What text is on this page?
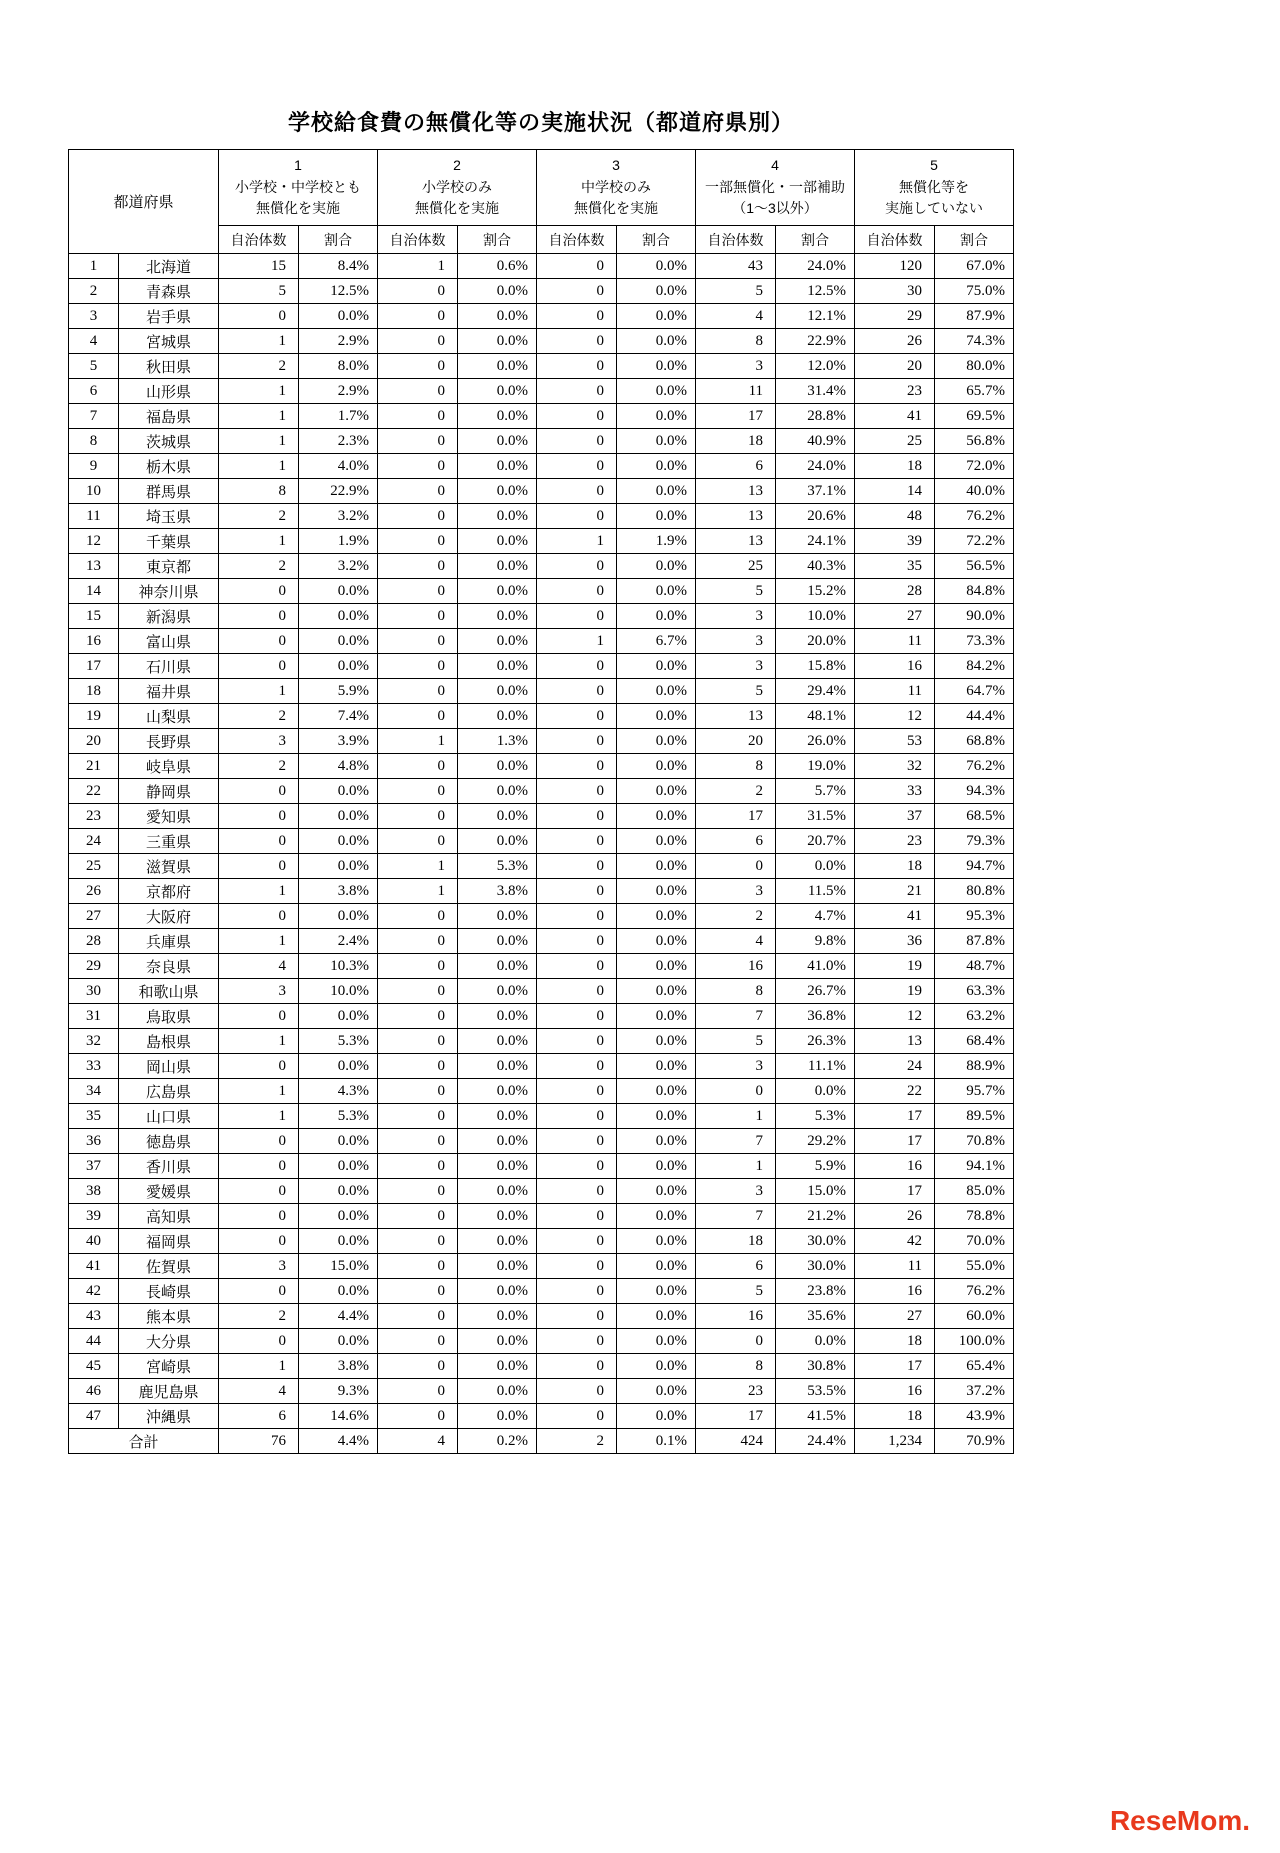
学校給食費の無償化等の実施状況（都道府県別）
都道府県	
1
小学校・中学校とも
無償化を実施

2
小学校のみ
無償化を実施

3
中学校のみ
無償化を実施

4
一部無償化・一部補助
（1～3以外）

5
無償化等を
実施していない

		自治体数	割合	自治体数	割合	自治体数	割合	自治体数	割合	自治体数	割合
1	北海道	15	8.4%	1	0.6%	0	0.0%	43	24.0%	120	67.0%
2	青森県	5	12.5%	0	0.0%	0	0.0%	5	12.5%	30	75.0%
3	岩手県	0	0.0%	0	0.0%	0	0.0%	4	12.1%	29	87.9%
4	宮城県	1	2.9%	0	0.0%	0	0.0%	8	22.9%	26	74.3%
5	秋田県	2	8.0%	0	0.0%	0	0.0%	3	12.0%	20	80.0%
6	山形県	1	2.9%	0	0.0%	0	0.0%	11	31.4%	23	65.7%
7	福島県	1	1.7%	0	0.0%	0	0.0%	17	28.8%	41	69.5%
8	茨城県	1	2.3%	0	0.0%	0	0.0%	18	40.9%	25	56.8%
9	栃木県	1	4.0%	0	0.0%	0	0.0%	6	24.0%	18	72.0%
10	群馬県	8	22.9%	0	0.0%	0	0.0%	13	37.1%	14	40.0%
11	埼玉県	2	3.2%	0	0.0%	0	0.0%	13	20.6%	48	76.2%
12	千葉県	1	1.9%	0	0.0%	1	1.9%	13	24.1%	39	72.2%
13	東京都	2	3.2%	0	0.0%	0	0.0%	25	40.3%	35	56.5%
14	神奈川県	0	0.0%	0	0.0%	0	0.0%	5	15.2%	28	84.8%
15	新潟県	0	0.0%	0	0.0%	0	0.0%	3	10.0%	27	90.0%
16	富山県	0	0.0%	0	0.0%	1	6.7%	3	20.0%	11	73.3%
17	石川県	0	0.0%	0	0.0%	0	0.0%	3	15.8%	16	84.2%
18	福井県	1	5.9%	0	0.0%	0	0.0%	5	29.4%	11	64.7%
19	山梨県	2	7.4%	0	0.0%	0	0.0%	13	48.1%	12	44.4%
20	長野県	3	3.9%	1	1.3%	0	0.0%	20	26.0%	53	68.8%
21	岐阜県	2	4.8%	0	0.0%	0	0.0%	8	19.0%	32	76.2%
22	静岡県	0	0.0%	0	0.0%	0	0.0%	2	5.7%	33	94.3%
23	愛知県	0	0.0%	0	0.0%	0	0.0%	17	31.5%	37	68.5%
24	三重県	0	0.0%	0	0.0%	0	0.0%	6	20.7%	23	79.3%
25	滋賀県	0	0.0%	1	5.3%	0	0.0%	0	0.0%	18	94.7%
26	京都府	1	3.8%	1	3.8%	0	0.0%	3	11.5%	21	80.8%
27	大阪府	0	0.0%	0	0.0%	0	0.0%	2	4.7%	41	95.3%
28	兵庫県	1	2.4%	0	0.0%	0	0.0%	4	9.8%	36	87.8%
29	奈良県	4	10.3%	0	0.0%	0	0.0%	16	41.0%	19	48.7%
30	和歌山県	3	10.0%	0	0.0%	0	0.0%	8	26.7%	19	63.3%
31	鳥取県	0	0.0%	0	0.0%	0	0.0%	7	36.8%	12	63.2%
32	島根県	1	5.3%	0	0.0%	0	0.0%	5	26.3%	13	68.4%
33	岡山県	0	0.0%	0	0.0%	0	0.0%	3	11.1%	24	88.9%
34	広島県	1	4.3%	0	0.0%	0	0.0%	0	0.0%	22	95.7%
35	山口県	1	5.3%	0	0.0%	0	0.0%	1	5.3%	17	89.5%
36	徳島県	0	0.0%	0	0.0%	0	0.0%	7	29.2%	17	70.8%
37	香川県	0	0.0%	0	0.0%	0	0.0%	1	5.9%	16	94.1%
38	愛媛県	0	0.0%	0	0.0%	0	0.0%	3	15.0%	17	85.0%
39	高知県	0	0.0%	0	0.0%	0	0.0%	7	21.2%	26	78.8%
40	福岡県	0	0.0%	0	0.0%	0	0.0%	18	30.0%	42	70.0%
41	佐賀県	3	15.0%	0	0.0%	0	0.0%	6	30.0%	11	55.0%
42	長崎県	0	0.0%	0	0.0%	0	0.0%	5	23.8%	16	76.2%
43	熊本県	2	4.4%	0	0.0%	0	0.0%	16	35.6%	27	60.0%
44	大分県	0	0.0%	0	0.0%	0	0.0%	0	0.0%	18	100.0%
45	宮崎県	1	3.8%	0	0.0%	0	0.0%	8	30.8%	17	65.4%
46	鹿児島県	4	9.3%	0	0.0%	0	0.0%	23	53.5%	16	37.2%
47	沖縄県	6	14.6%	0	0.0%	0	0.0%	17	41.5%	18	43.9%
合計		76	4.4%	4	0.2%	2	0.1%	424	24.4%	1,234	70.9%
ReseMom.
